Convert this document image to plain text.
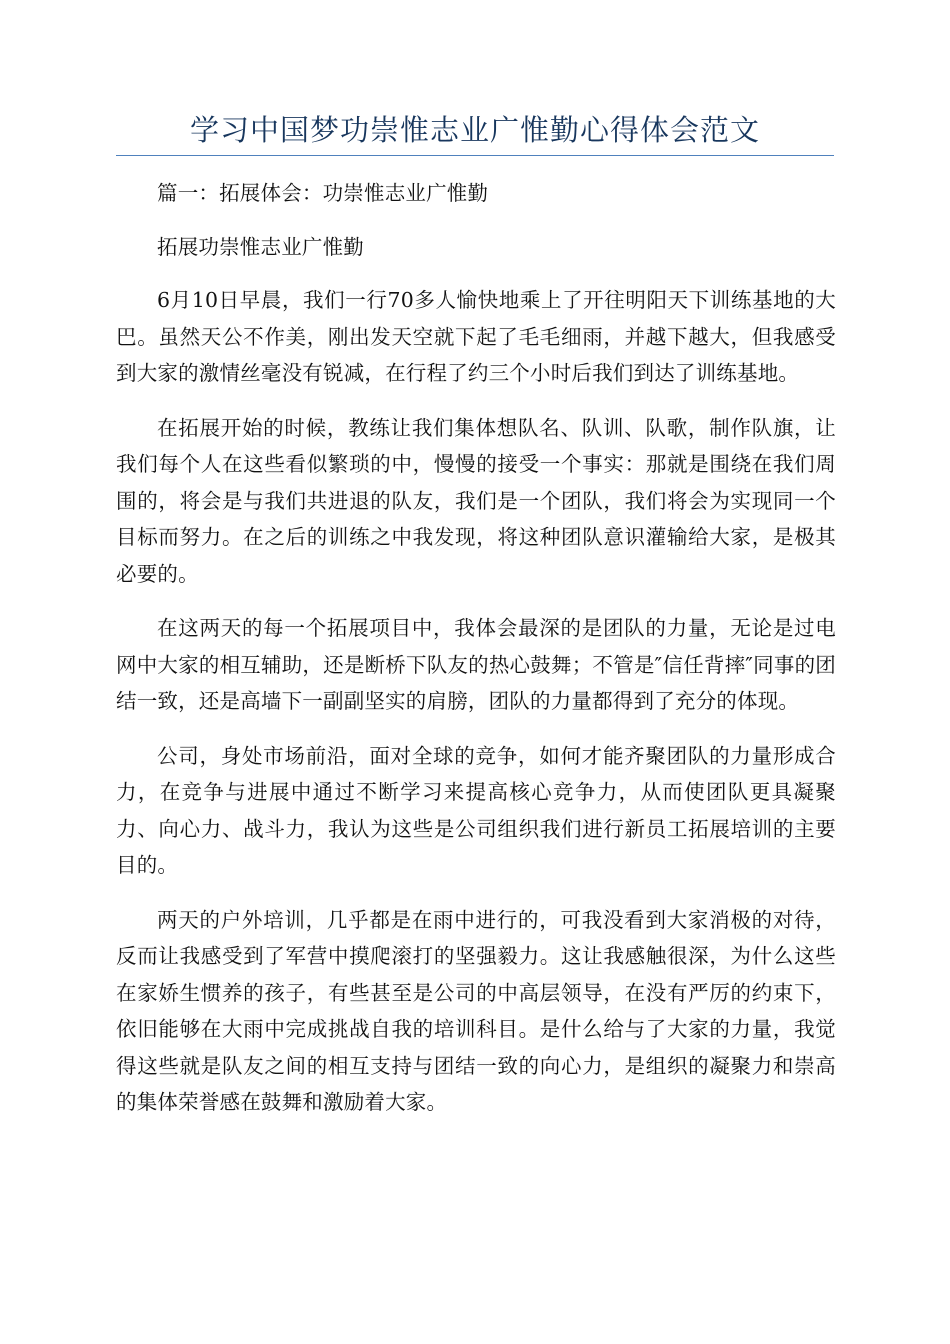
学习中国梦功崇惟志业广惟勤心得体会范文

篇一：拓展体会：功崇惟志业广惟勤

拓展功崇惟志业广惟勤

6月10日早晨，我们一行70多人愉快地乘上了开往明阳天下训练基地的大巴。虽然天公不作美，刚出发天空就下起了毛毛细雨，并越下越大，但我感受到大家的激情丝毫没有锐减，在行程了约三个小时后我们到达了训练基地。

在拓展开始的时候，教练让我们集体想队名、队训、队歌，制作队旗，让我们每个人在这些看似繁琐的中，慢慢的接受一个事实：那就是围绕在我们周围的，将会是与我们共进退的队友，我们是一个团队，我们将会为实现同一个目标而努力。在之后的训练之中我发现，将这种团队意识灌输给大家，是极其必要的。

在这两天的每一个拓展项目中，我体会最深的是团队的力量，无论是过电网中大家的相互辅助，还是断桥下队友的热心鼓舞；不管是″信任背摔″同事的团结一致，还是高墙下一副副坚实的肩膀，团队的力量都得到了充分的体现。

公司，身处市场前沿，面对全球的竞争，如何才能齐聚团队的力量形成合力，在竞争与进展中通过不断学习来提高核心竞争力，从而使团队更具凝聚力、向心力、战斗力，我认为这些是公司组织我们进行新员工拓展培训的主要目的。

两天的户外培训，几乎都是在雨中进行的，可我没看到大家消极的对待，反而让我感受到了军营中摸爬滚打的坚强毅力。这让我感触很深，为什么这些在家娇生惯养的孩子，有些甚至是公司的中高层领导，在没有严厉的约束下，依旧能够在大雨中完成挑战自我的培训科目。是什么给与了大家的力量，我觉得这些就是队友之间的相互支持与团结一致的向心力，是组织的凝聚力和崇高的集体荣誉感在鼓舞和激励着大家。
